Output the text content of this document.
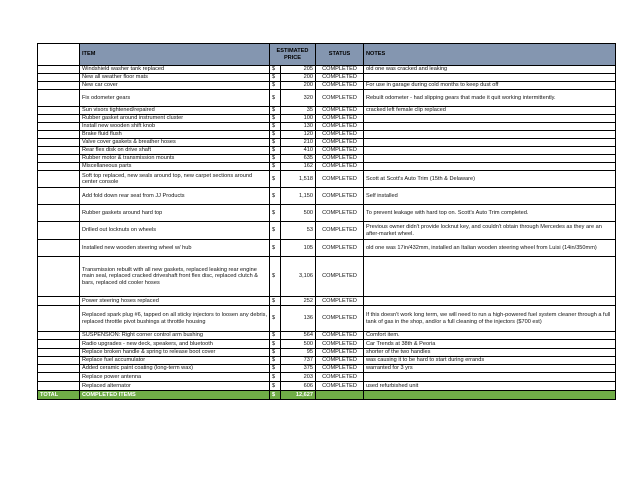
	ITEM	ESTIMATED PRICE		STATUS	NOTES
	Windshield washer tank replaced	$	205	COMPLETED	old one was cracked and leaking
	New all weather floor mats	$	200	COMPLETED	
	New car cover	$	200	COMPLETED	For use in garage during cold months to keep dust off
	Fix odometer gears	$	320	COMPLETED	Rebuilt odometer - had slipping gears that made it quit working intermittently.
	Sun visors tightened/repaired	$	35	COMPLETED	cracked left female clip replaced
	Rubber gasket around instrument cluster	$	100	COMPLETED	
	Install new wooden shift knob	$	130	COMPLETED	
	Brake fluid flush	$	120	COMPLETED	
	Valve cover gaskets & breather hoses	$	210	COMPLETED	
	Rear flex disk on drive shaft	$	410	COMPLETED	
	Rubber motor & transmission mounts	$	635	COMPLETED	
	Miscellaneous parts	$	162	COMPLETED	
	Soft top replaced, new seals around top, new carpet sections around center console	$	1,518	COMPLETED	Scott at Scott's Auto Trim (15th & Delaware)
	Add fold down rear seat from JJ Products	$	1,150	COMPLETED	Self installed
	Rubber gaskets around hard top	$	500	COMPLETED	To prevent leakage with hard top on. Scott's Auto Trim completed.
	Drilled out locknuts on wheels	$	53	COMPLETED	Previous owner didn't provide locknut key, and couldn't obtain through Mercedes as they are an after-market wheel.
	Installed new wooden steering wheel w/ hub	$	105	COMPLETED	old one was 17in/432mm, installed an Italian wooden steering wheel from Luisi (14in/350mm)
	Transmission rebuilt with all new gaskets, replaced leaking rear engine main seal, replaced cracked driveshaft front flex disc, replaced clutch & bars, replaced old cooler hoses	$	3,106	COMPLETED	
	Power steering hoses replaced	$	252	COMPLETED	
	Replaced spark plug #6, tapped on all sticky injectors to loosen any debris, replaced throttle pivot bushings at throttle housing	$	136	COMPLETED	If this doesn't work long term, we will need to run a high-powered fuel system cleaner through a full tank of gas in the shop, and/or a full cleaning of the injectors ($700 est)
	SUSPENSION: Right corner control arm bushing	$	564	COMPLETED	Comfort item.
	Radio upgrades - new deck, speakers, and bluetooth	$	500	COMPLETED	Car Trends at 38th & Peoria
	Replace broken handle & spring to release boot cover	$	95	COMPLETED	shorter of the two handles
	Replace fuel accumulator	$	737	COMPLETED	was causing it to be hard to start during errands
	Added ceramic paint coating (long-term wax)	$	375	COMPLETED	warranted for 3 yrs
	Replace power antenna	$	203	COMPLETED	
	Replaced alternator	$	606	COMPLETED	used refurbished unit
TOTAL	COMPLETED ITEMS	$	12,627		
